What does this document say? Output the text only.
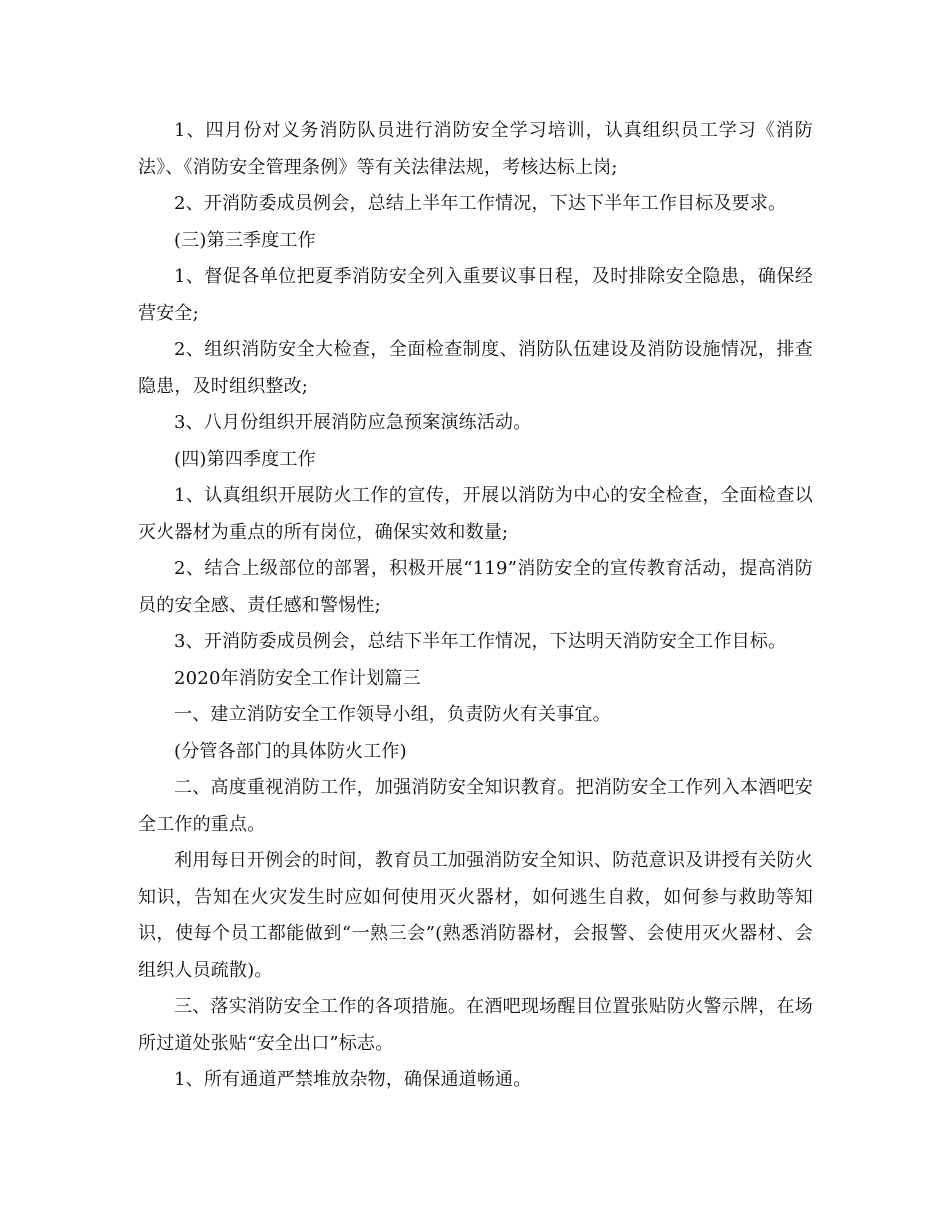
1、四月份对义务消防队员进行消防安全学习培训，认真组织员工学习《消防法》、《消防安全管理条例》等有关法律法规，考核达标上岗;

2、开消防委成员例会，总结上半年工作情况，下达下半年工作目标及要求。

(三)第三季度工作

1、督促各单位把夏季消防安全列入重要议事日程，及时排除安全隐患，确保经营安全;

2、组织消防安全大检查，全面检查制度、消防队伍建设及消防设施情况，排查隐患，及时组织整改;

3、八月份组织开展消防应急预案演练活动。

(四)第四季度工作

1、认真组织开展防火工作的宣传，开展以消防为中心的安全检查，全面检查以灭火器材为重点的所有岗位，确保实效和数量;

2、结合上级部位的部署，积极开展“119”消防安全的宣传教育活动，提高消防员的安全感、责任感和警惕性;

3、开消防委成员例会，总结下半年工作情况，下达明天消防安全工作目标。

2020年消防安全工作计划篇三

一、建立消防安全工作领导小组，负责防火有关事宜。

(分管各部门的具体防火工作)

二、高度重视消防工作，加强消防安全知识教育。把消防安全工作列入本酒吧安全工作的重点。

利用每日开例会的时间，教育员工加强消防安全知识、防范意识及讲授有关防火知识，告知在火灾发生时应如何使用灭火器材，如何逃生自救，如何参与救助等知识，使每个员工都能做到“一熟三会”(熟悉消防器材，会报警、会使用灭火器材、会组织人员疏散)。

三、落实消防安全工作的各项措施。在酒吧现场醒目位置张贴防火警示牌，在场所过道处张贴“安全出口”标志。

1、所有通道严禁堆放杂物，确保通道畅通。
